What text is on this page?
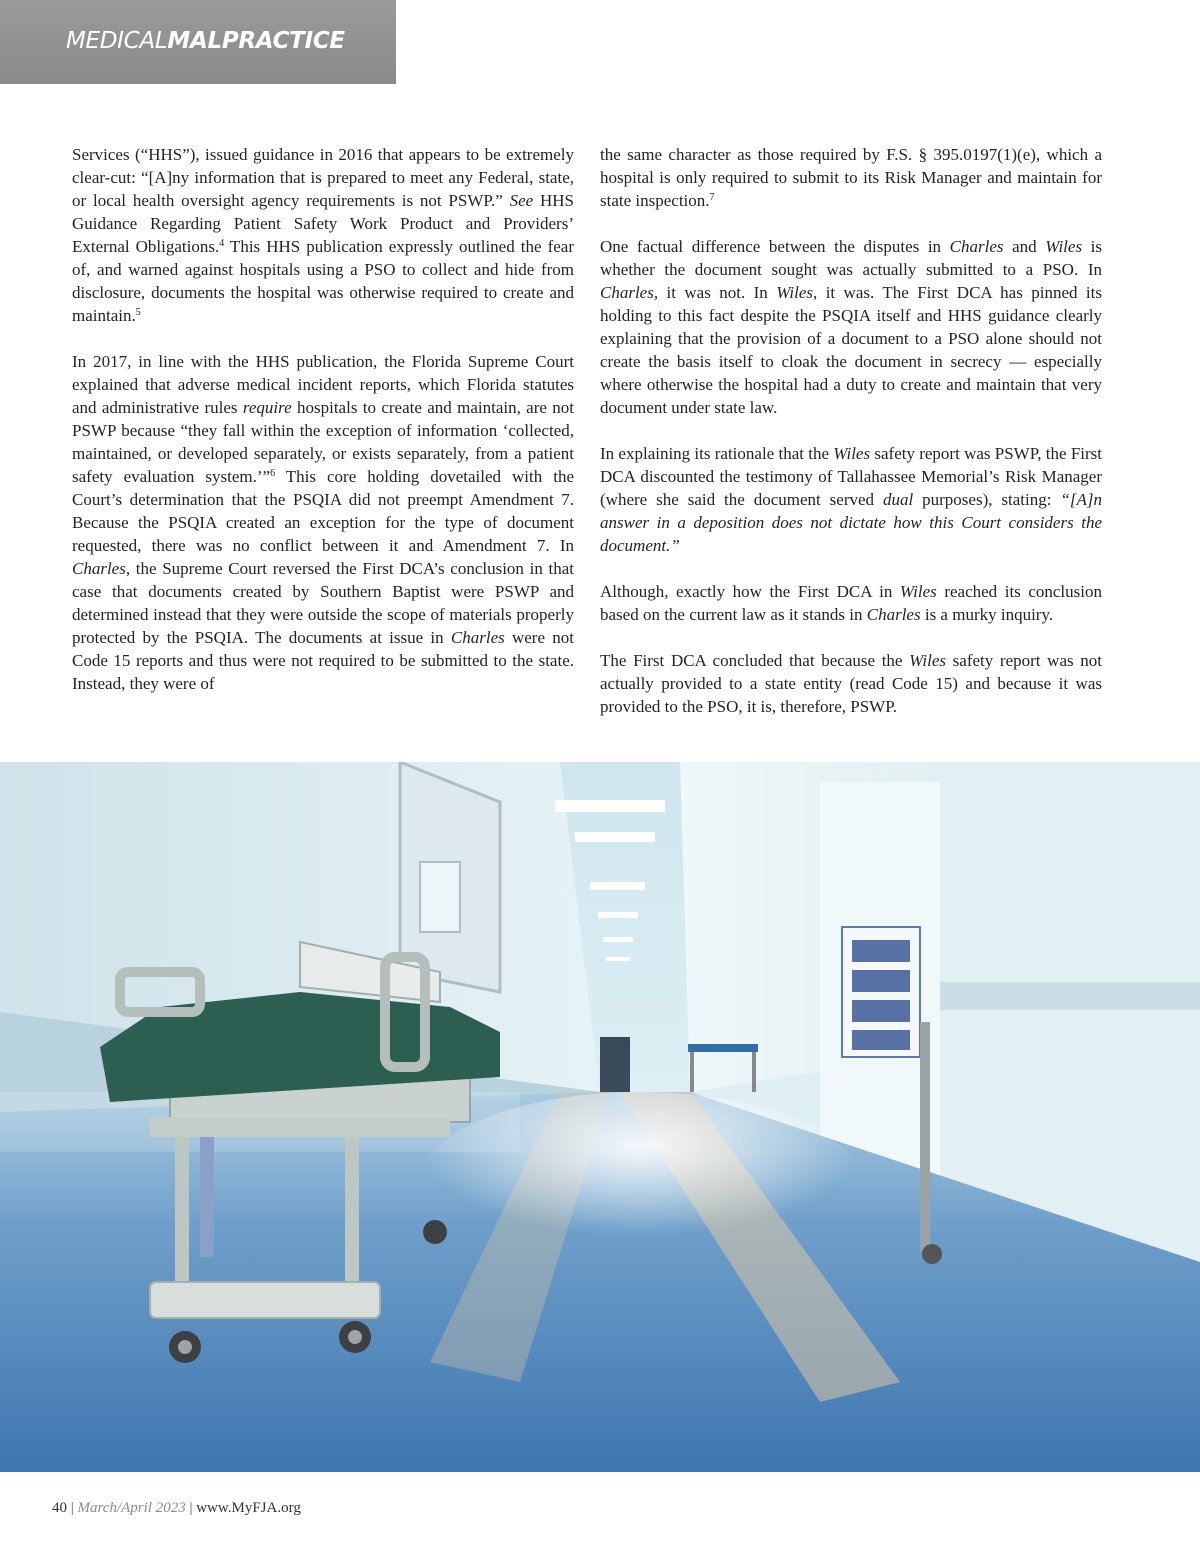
MEDICALMALPRACTICE

Services (“HHS”), issued guidance in 2016 that appears to be extremely clear-cut: “[A]ny information that is prepared to meet any Federal, state, or local health oversight agency requirements is not PSWP.” See HHS Guidance Regarding Patient Safety Work Product and Providers’ External Obligations.$^4$ This HHS publication expressly outlined the fear of, and warned against hospitals using a PSO to collect and hide from disclosure, documents the hospital was otherwise required to create and maintain.$^5$

In 2017, in line with the HHS publication, the Florida Supreme Court explained that adverse medical incident reports, which Florida statutes and administrative rules require hospitals to create and maintain, are not PSWP because “they fall within the exception of information ‘collected, maintained, or developed separately, or exists separately, from a patient safety evaluation system.’”$^6$ This core holding dovetailed with the Court’s determination that the PSQIA did not preempt Amendment 7. Because the PSQIA created an exception for the type of document requested, there was no conflict between it and Amendment 7. In Charles, the Supreme Court reversed the First DCA’s conclusion in that case that documents created by Southern Baptist were PSWP and determined instead that they were outside the scope of materials properly protected by the PSQIA. The documents at issue in Charles were not Code 15 reports and thus were not required to be submitted to the state. Instead, they were of

the same character as those required by F.S. § 395.0197(1)(e), which a hospital is only required to submit to its Risk Manager and maintain for state inspection.$^7$

One factual difference between the disputes in Charles and Wiles is whether the document sought was actually submitted to a PSO. In Charles, it was not. In Wiles, it was. The First DCA has pinned its holding to this fact despite the PSQIA itself and HHS guidance clearly explaining that the provision of a document to a PSO alone should not create the basis itself to cloak the document in secrecy — especially where otherwise the hospital had a duty to create and maintain that very document under state law.

In explaining its rationale that the Wiles safety report was PSWP, the First DCA discounted the testimony of Tallahassee Memorial’s Risk Manager (where she said the document served dual purposes), stating: “[A]n answer in a deposition does not dictate how this Court considers the document.”

Although, exactly how the First DCA in Wiles reached its conclusion based on the current law as it stands in Charles is a murky inquiry.

The First DCA concluded that because the Wiles safety report was not actually provided to a state entity (read Code 15) and because it was provided to the PSO, it is, therefore, PSWP.

40 | March/April 2023 | www.MyFJA.org
